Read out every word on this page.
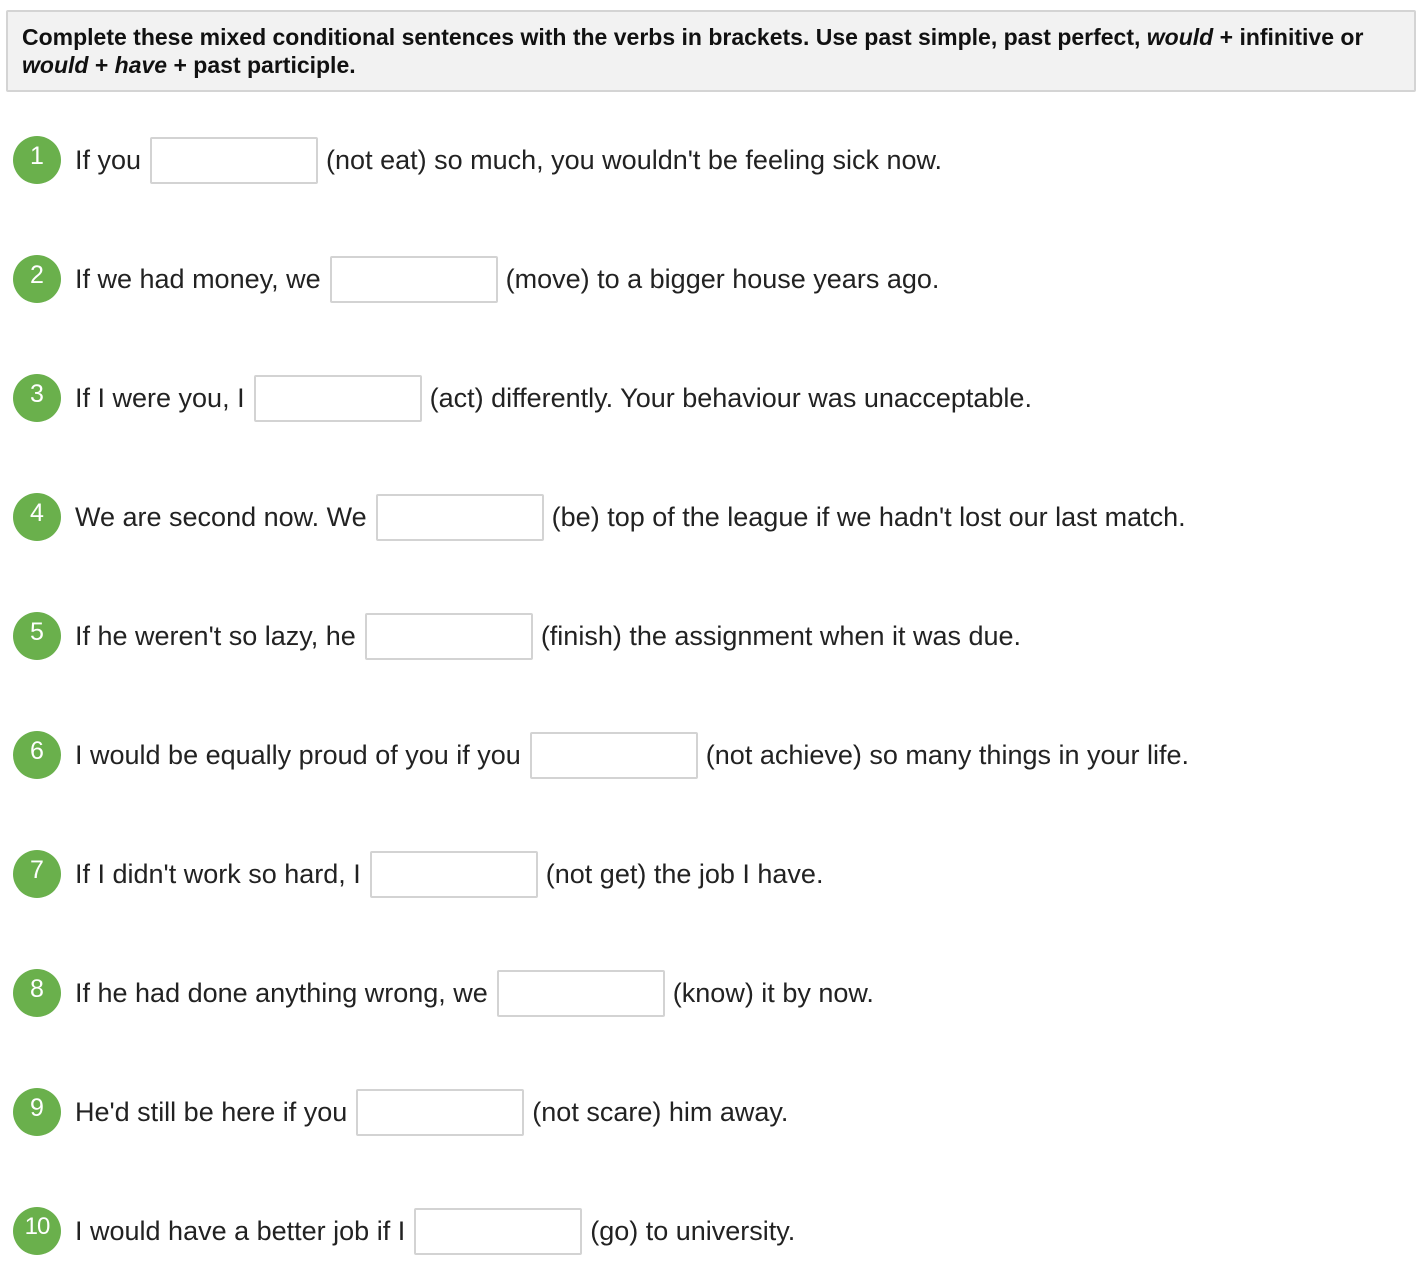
Complete these mixed conditional sentences with the verbs in brackets. Use past simple, past perfect, would + infinitive or would + have + past participle.
1	If you	(not eat) so much, you wouldn't be feeling sick now.
2	If we had money, we	(move) to a bigger house years ago.
3	If I were you, I	(act) differently. Your behaviour was unacceptable.
4	We are second now. We	(be) top of the league if we hadn't lost our last match.
5	If he weren't so lazy, he	(finish) the assignment when it was due.
6	I would be equally proud of you if you	(not achieve) so many things in your life.
7	If I didn't work so hard, I	(not get) the job I have.
8	If he had done anything wrong, we	(know) it by now.
9	He'd still be here if you	(not scare) him away.
10 I would have a better job if I	(go) to university.
